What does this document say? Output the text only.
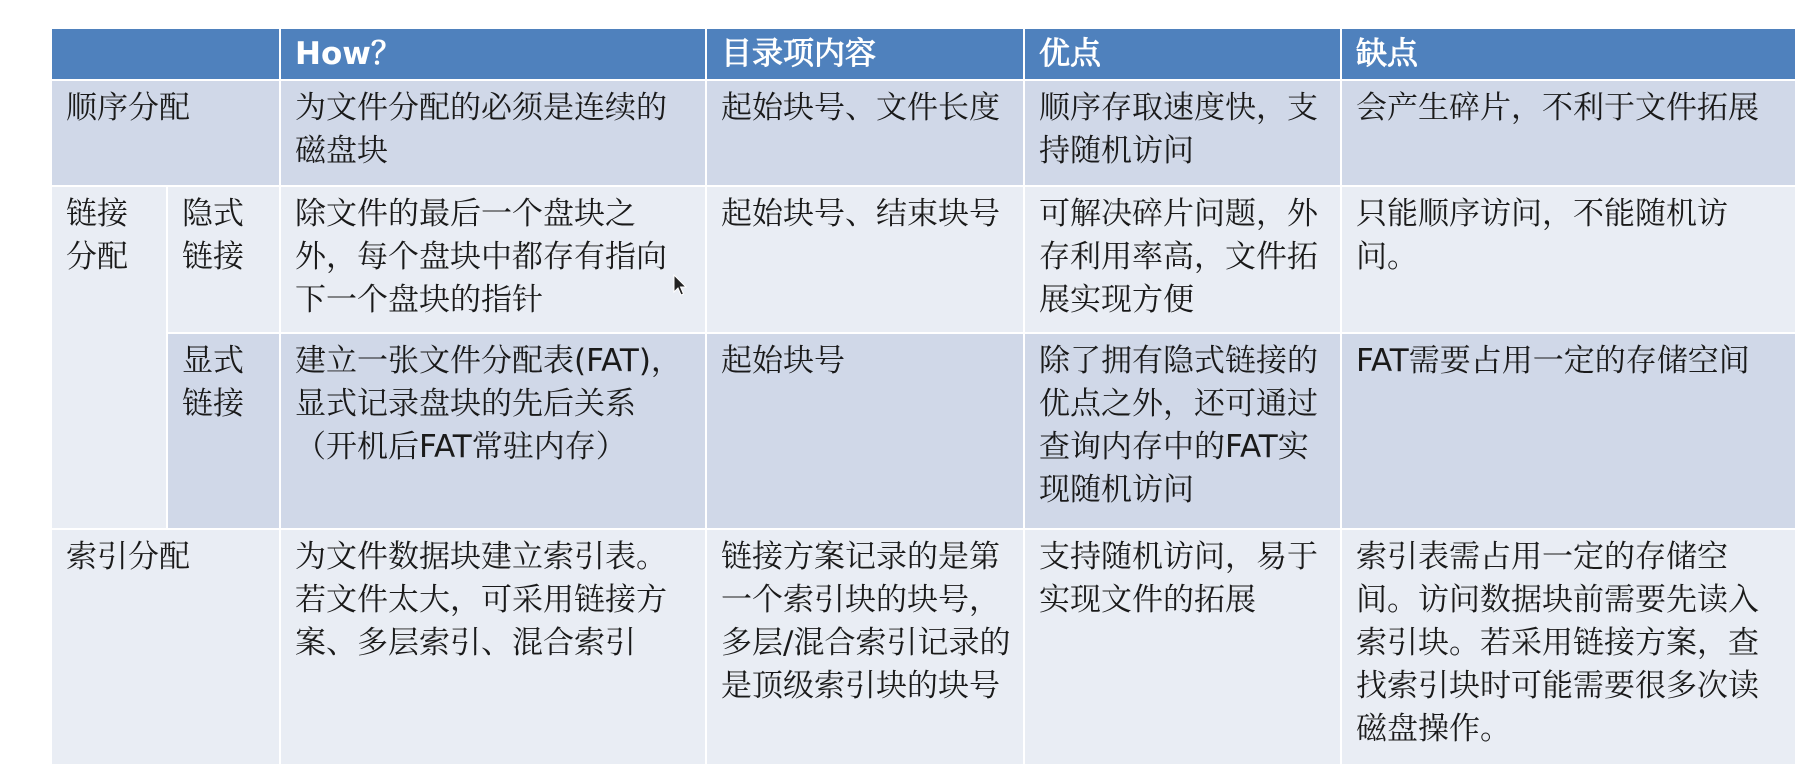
		How？	目录项内容	优点	缺点
顺序分配		为文件分配的必须是连续的磁盘块	起始块号、文件长度	顺序存取速度快，支持随机访问	会产生碎片，不利于文件拓展
链接分配	隐式链接	除文件的最后一个盘块之外，每个盘块中都存有指向下一个盘块的指针	起始块号、结束块号	可解决碎片问题，外存利用率高，文件拓展实现方便	只能顺序访问，不能随机访问。
	显式链接	建立一张文件分配表(FAT)，显式记录盘块的先后关系（开机后FAT常驻内存）	起始块号	除了拥有隐式链接的优点之外，还可通过查询内存中的FAT实现随机访问	FAT需要占用一定的存储空间
索引分配		为文件数据块建立索引表。若文件太大，可采用链接方案、多层索引、混合索引	链接方案记录的是第一个索引块的块号，多层/混合索引记录的是顶级索引块的块号	支持随机访问，易于实现文件的拓展	索引表需占用一定的存储空间。访问数据块前需要先读入索引块。若采用链接方案，查找索引块时可能需要很多次读磁盘操作。
